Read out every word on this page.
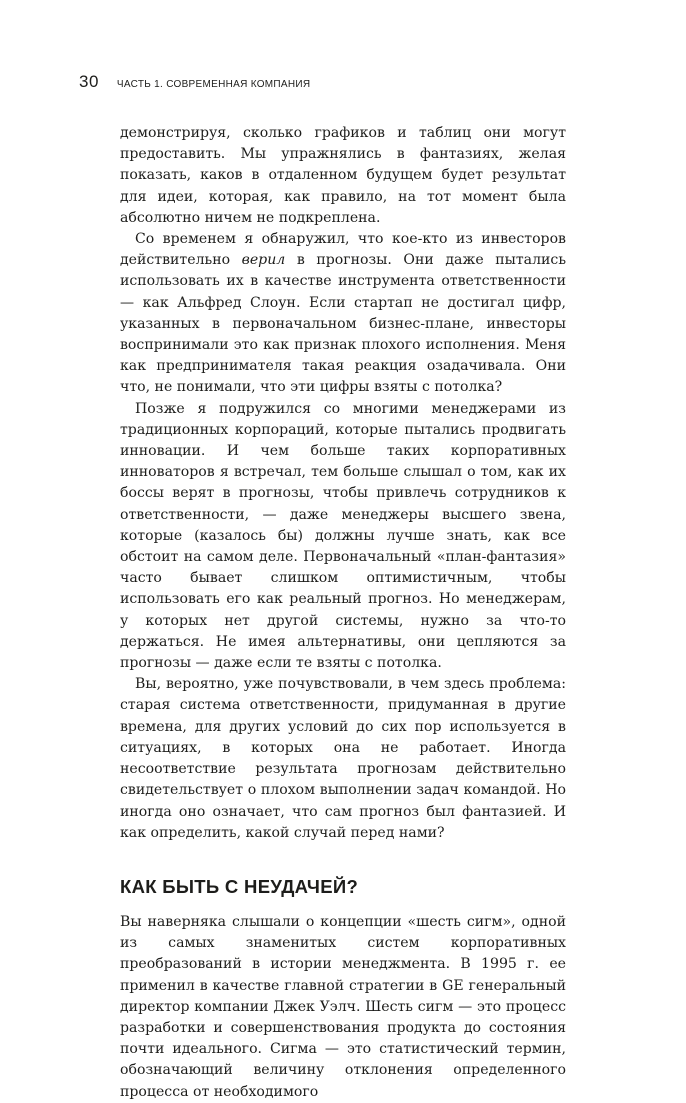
30 ЧАСТЬ 1. СОВРЕМЕННАЯ КОМПАНИЯ

демонстрируя, сколько графиков и таблиц они могут предоставить. Мы упражнялись в фантазиях, желая показать, каков в отдаленном будущем будет результат для идеи, которая, как правило, на тот момент была абсолютно ничем не подкреплена.

Со временем я обнаружил, что кое-кто из инвесторов действительно верил в прогнозы. Они даже пытались использовать их в качестве инструмента ответственности — как Альфред Слоун. Если стартап не достигал цифр, указанных в первоначальном бизнес-плане, инвесторы воспринимали это как признак плохого исполнения. Меня как предпринимателя такая реакция озадачивала. Они что, не понимали, что эти цифры взяты с потолка?

Позже я подружился со многими менеджерами из традиционных корпораций, которые пытались продвигать инновации. И чем больше таких корпоративных инноваторов я встречал, тем больше слышал о том, как их боссы верят в прогнозы, чтобы привлечь сотрудников к ответственности, — даже менеджеры высшего звена, которые (казалось бы) должны лучше знать, как все обстоит на самом деле. Первоначальный «план-фантазия» часто бывает слишком оптимистичным, чтобы использовать его как реальный прогноз. Но менеджерам, у которых нет другой системы, нужно за что-то держаться. Не имея альтернативы, они цепляются за прогнозы — даже если те взяты с потолка.

Вы, вероятно, уже почувствовали, в чем здесь проблема: старая система ответственности, придуманная в другие времена, для других условий до сих пор используется в ситуациях, в которых она не работает. Иногда несоответствие результата прогнозам действительно свидетельствует о плохом выполнении задач командой. Но иногда оно означает, что сам прогноз был фантазией. И как определить, какой случай перед нами?

КАК БЫТЬ С НЕУДАЧЕЙ?

Вы наверняка слышали о концепции «шесть сигм», одной из самых знаменитых систем корпоративных преобразований в истории менеджмента. В 1995 г. ее применил в качестве главной стратегии в GE генеральный директор компании Джек Уэлч. Шесть сигм — это процесс разработки и совершенствования продукта до состояния почти идеального. Сигма — это статистический термин, обозначающий величину отклонения определенного процесса от необходимого
